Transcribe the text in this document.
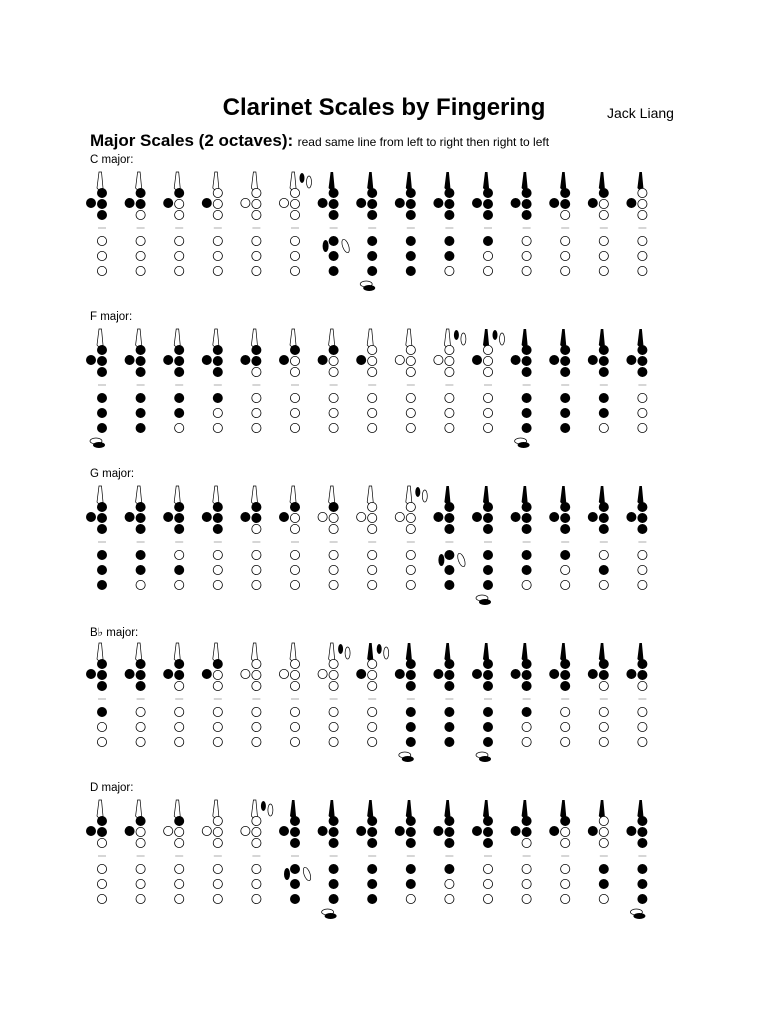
Clarinet Scales by Fingering	Jack Liang
Major Scales (2 octaves): read same line from left to right then right to left
C major:
F major:
G major:
B♭ major:
D major:
